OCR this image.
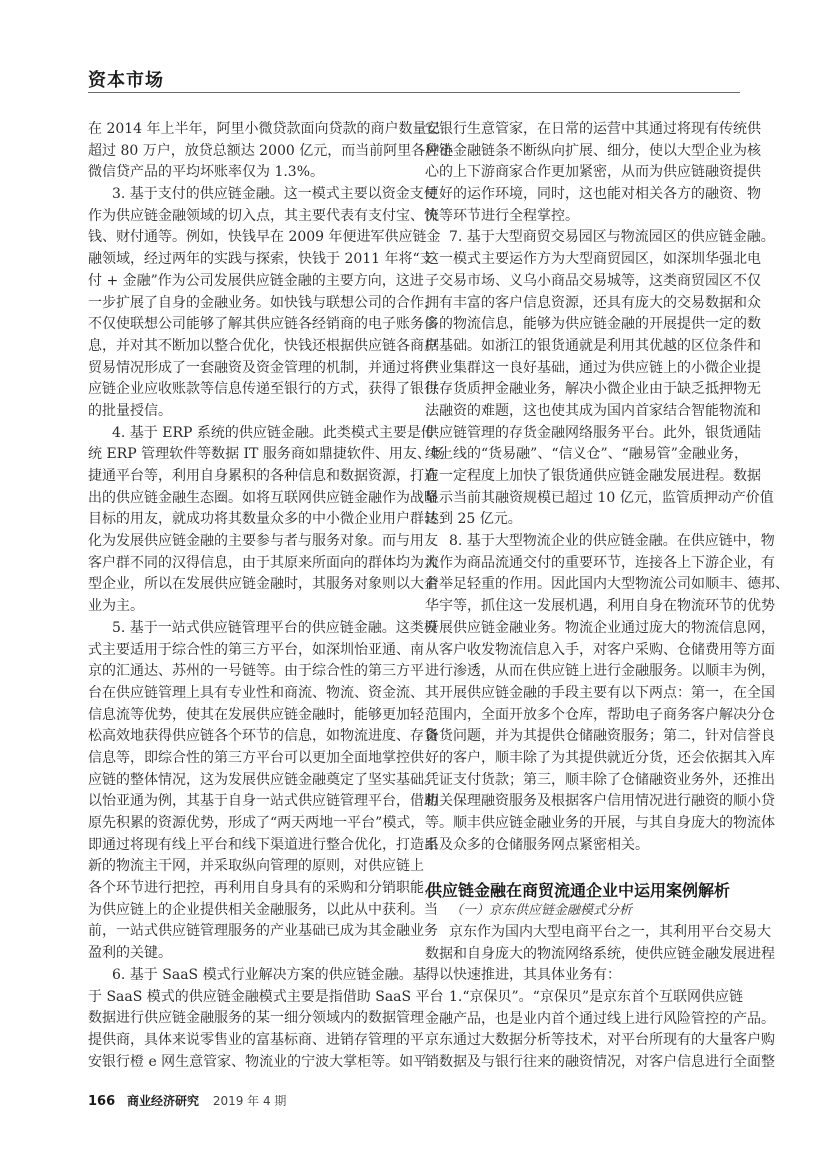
资本市场
在 2014 年上半年，阿里小微贷款面向贷款的商户数量已
超过 80 万户，放贷总额达 2000 亿元，而当前阿里各种小
微信贷产品的平均坏账率仅为 1.3%。
3. 基于支付的供应链金融。这一模式主要以资金支付
作为供应链金融领域的切入点，其主要代表有支付宝、快
钱、财付通等。例如，快钱早在 2009 年便进军供应链金
融领域，经过两年的实践与探索，快钱于 2011 年将“支
付 + 金融”作为公司发展供应链金融的主要方向，这进
一步扩展了自身的金融业务。如快钱与联想公司的合作，
不仅使联想公司能够了解其供应链各经销商的电子账务信
息，并对其不断加以整合优化，快钱还根据供应链各商户
贸易情况形成了一套融资及资金管理的机制，并通过将供
应链企业应收账款等信息传递至银行的方式，获得了银行
的批量授信。
4. 基于 ERP 系统的供应链金融。此类模式主要是传
统 ERP 管理软件等数据 IT 服务商如鼎捷软件、用友、畅
捷通平台等，利用自身累积的各种信息和数据资源，打造
出的供应链金融生态圈。如将互联网供应链金融作为战略
目标的用友，就成功将其数量众多的中小微企业用户群转
化为发展供应链金融的主要参与者与服务对象。而与用友
客户群不同的汉得信息，由于其原来所面向的群体均为大
型企业，所以在发展供应链金融时，其服务对象则以大企
业为主。
5. 基于一站式供应链管理平台的供应链金融。这类模
式主要适用于综合性的第三方平台，如深圳怡亚通、南
京的汇通达、苏州的一号链等。由于综合性的第三方平
台在供应链管理上具有专业性和商流、物流、资金流、
信息流等优势，使其在发展供应链金融时，能够更加轻
松高效地获得供应链各个环节的信息，如物流进度、存货
信息等，即综合性的第三方平台可以更加全面地掌控供
应链的整体情况，这为发展供应链金融奠定了坚实基础。
以怡亚通为例，其基于自身一站式供应链管理平台，借助
原先积累的资源优势，形成了“两天两地一平台”模式，
即通过将现有线上平台和线下渠道进行整合优化，打造出
新的物流主干网，并采取纵向管理的原则，对供应链上
各个环节进行把控，再利用自身具有的采购和分销职能，
为供应链上的企业提供相关金融服务，以此从中获利。当
前，一站式供应链管理服务的产业基础已成为其金融业务
盈利的关键。
6. 基于 SaaS 模式行业解决方案的供应链金融。基
于 SaaS 模式的供应链金融模式主要是指借助 SaaS 平台
数据进行供应链金融服务的某一细分领域内的数据管理
提供商，具体来说零售业的富基标商、进销存管理的平
安银行橙 e 网生意管家、物流业的宁波大掌柜等。如平
安银行生意管家，在日常的运营中其通过将现有传统供
应链金融链条不断纵向扩展、细分，使以大型企业为核
心的上下游商家合作更加紧密，从而为供应链融资提供
更好的运作环境，同时，这也能对相关各方的融资、物
流等环节进行全程掌控。
7. 基于大型商贸交易园区与物流园区的供应链金融。
这一模式主要运作方为大型商贸园区，如深圳华强北电
子交易市场、义乌小商品交易城等，这类商贸园区不仅
拥有丰富的客户信息资源，还具有庞大的交易数据和众
多的物流信息，能够为供应链金融的开展提供一定的数
据基础。如浙江的银货通就是利用其优越的区位条件和
产业集群这一良好基础，通过为供应链上的小微企业提
供存货质押金融业务，解决小微企业由于缺乏抵押物无
法融资的难题，这也使其成为国内首家结合智能物流和
供应链管理的存货金融网络服务平台。此外，银货通陆
续上线的“货易融”、“信义仓”、“融易管”金融业务，
在一定程度上加快了银货通供应链金融发展进程。数据
显示当前其融资规模已超过 10 亿元，监管质押动产价值
达到 25 亿元。
8. 基于大型物流企业的供应链金融。在供应链中，物
流作为商品流通交付的重要环节，连接各上下游企业，有
着举足轻重的作用。因此国内大型物流公司如顺丰、德邦、
华宇等，抓住这一发展机遇，利用自身在物流环节的优势
开展供应链金融业务。物流企业通过庞大的物流信息网，
从客户收发物流信息入手，对客户采购、仓储费用等方面
进行渗透，从而在供应链上进行金融服务。以顺丰为例，
其开展供应链金融的手段主要有以下两点：第一，在全国
范围内，全面开放多个仓库，帮助电子商务客户解决分仓
备货问题，并为其提供仓储融资服务；第二，针对信誉良
好的客户，顺丰除了为其提供就近分货，还会依据其入库
凭证支付货款；第三，顺丰除了仓储融资业务外，还推出
相关保理融资服务及根据客户信用情况进行融资的顺小贷
等。顺丰供应链金融业务的开展，与其自身庞大的物流体
系及众多的仓储服务网点紧密相关。
供应链金融在商贸流通企业中运用案例解析
（一）京东供应链金融模式分析
京东作为国内大型电商平台之一，其利用平台交易大
数据和自身庞大的物流网络系统，使供应链金融发展进程
得以快速推进，其具体业务有：
1.“京保贝”。“京保贝”是京东首个互联网供应链
金融产品，也是业内首个通过线上进行风险管控的产品。
京东通过大数据分析等技术，对平台所现有的大量客户购
销数据及与银行往来的融资情况，对客户信息进行全面整
166 商业经济研究 2019 年 4 期
